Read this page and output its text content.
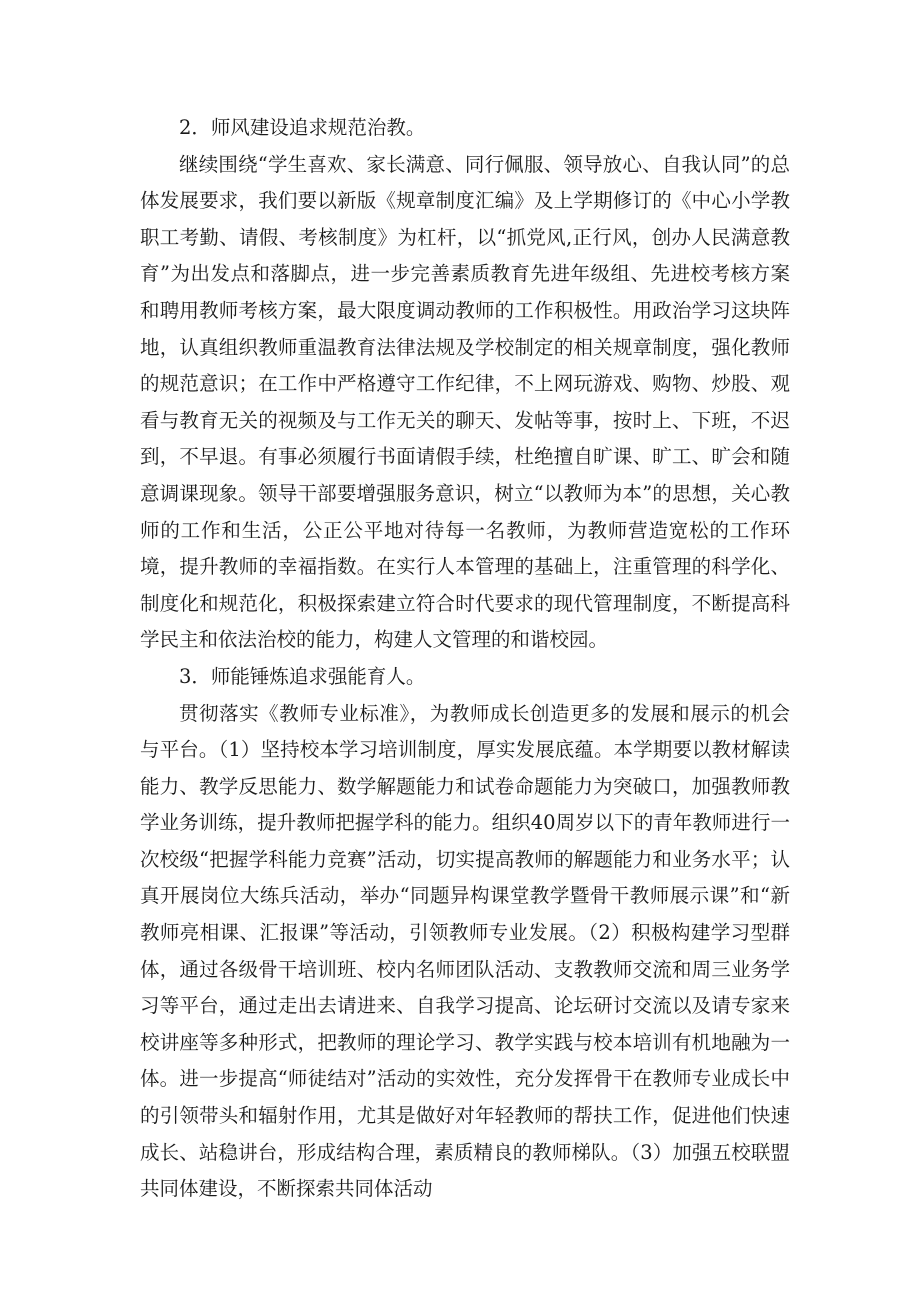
2．师风建设追求规范治教。

继续围绕“学生喜欢、家长满意、同行佩服、领导放心、自我认同”的总体发展要求，我们要以新版《规章制度汇编》及上学期修订的《中心小学教职工考勤、请假、考核制度》为杠杆，以“抓党风,正行风，创办人民满意教育”为出发点和落脚点，进一步完善素质教育先进年级组、先进校考核方案和聘用教师考核方案，最大限度调动教师的工作积极性。用政治学习这块阵地，认真组织教师重温教育法律法规及学校制定的相关规章制度，强化教师的规范意识；在工作中严格遵守工作纪律，不上网玩游戏、购物、炒股、观看与教育无关的视频及与工作无关的聊天、发帖等事，按时上、下班，不迟到，不早退。有事必须履行书面请假手续，杜绝擅自旷课、旷工、旷会和随意调课现象。领导干部要增强服务意识，树立“以教师为本”的思想，关心教师的工作和生活，公正公平地对待每一名教师，为教师营造宽松的工作环境，提升教师的幸福指数。在实行人本管理的基础上，注重管理的科学化、制度化和规范化，积极探索建立符合时代要求的现代管理制度，不断提高科学民主和依法治校的能力，构建人文管理的和谐校园。

3．师能锤炼追求强能育人。

贯彻落实《教师专业标准》，为教师成长创造更多的发展和展示的机会与平台。（1）坚持校本学习培训制度，厚实发展底蕴。本学期要以教材解读能力、教学反思能力、数学解题能力和试卷命题能力为突破口，加强教师教学业务训练，提升教师把握学科的能力。组织40周岁以下的青年教师进行一次校级“把握学科能力竞赛”活动，切实提高教师的解题能力和业务水平；认真开展岗位大练兵活动，举办“同题异构课堂教学暨骨干教师展示课”和“新教师亮相课、汇报课”等活动，引领教师专业发展。（2）积极构建学习型群体，通过各级骨干培训班、校内名师团队活动、支教教师交流和周三业务学习等平台，通过走出去请进来、自我学习提高、论坛研讨交流以及请专家来校讲座等多种形式，把教师的理论学习、教学实践与校本培训有机地融为一体。进一步提高“师徒结对”活动的实效性，充分发挥骨干在教师专业成长中的引领带头和辐射作用，尤其是做好对年轻教师的帮扶工作，促进他们快速成长、站稳讲台，形成结构合理，素质精良的教师梯队。（3）加强五校联盟共同体建设，不断探索共同体活动
